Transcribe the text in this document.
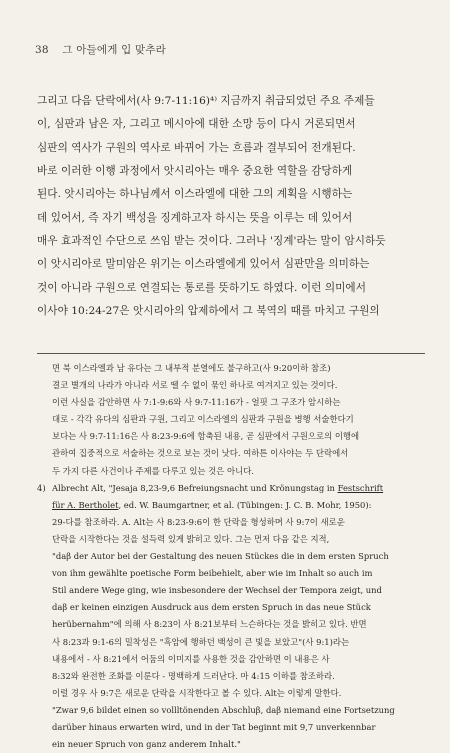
38 그 아들에게 입 맞추라

그리고 다음 단락에서(사 9:7-11:16)⁴⁾ 지금까지 취급되었던 주요 주제들

이, 심판과 남은 자, 그리고 메시아에 대한 소망 등이 다시 거론되면서

심판의 역사가 구원의 역사로 바뀌어 가는 흐름과 결부되어 전개된다.

바로 이러한 이행 과정에서 앗시리아는 매우 중요한 역할을 감당하게

된다. 앗시리아는 하나님께서 이스라엘에 대한 그의 계획을 시행하는

데 있어서, 즉 자기 백성을 징계하고자 하시는 뜻을 이루는 데 있어서

매우 효과적인 수단으로 쓰임 받는 것이다. 그러나 '징계'라는 말이 암시하듯

이 앗시리아로 말미암은 위기는 이스라엘에게 있어서 심판만을 의미하는

것이 아니라 구원으로 연결되는 통로를 뜻하기도 하였다. 이런 의미에서

이사야 10:24-27은 앗시리아의 압제하에서 그 북역의 때를 마치고 구원의

면 북 이스라엘과 남 유다는 그 내부적 분열에도 불구하고(사 9:20이하 참조)

결코 별개의 나라가 아니라 서로 뗄 수 없이 묶인 하나로 여겨지고 있는 것이다.

이런 사실을 감안하면 사 7:1-9:6와 사 9:7-11:16가 - 얼핏 그 구조가 암시하는

대로 - 각각 유다의 심판과 구원, 그리고 이스라엘의 심판과 구원을 병행 서술한다기

보다는 사 9:7-11:16은 사 8:23-9:6에 함축된 내용, 곧 심판에서 구원으로의 이행에

관하여 집중적으로 서술하는 것으로 보는 것이 낫다. 여하튼 이사야는 두 단락에서

두 가지 다른 사건이나 주제를 다루고 있는 것은 아니다.

4) Albrecht Alt, "Jesaja 8,23-9,6 Befreiungsnacht und Krönungstag in Festschrift

für A. Bertholet, ed. W. Baumgartner, et al. (Tübingen: J. C. B. Mohr, 1950):

29-다를 참조하라. A. Alt는 사 8:23-9:6이 한 단락을 형성하며 사 9:7이 새로운

단락을 시작한다는 것을 설득력 있게 밝히고 있다. 그는 먼저 다음 같은 지적,

"daβ der Autor bei der Gestaltung des neuen Stückes die in dem ersten Spruch

von ihm gewählte poetische Form beibehielt, aber wie im Inhalt so auch im

Stil andere Wege ging, wie insbesondere der Wechsel der Tempora zeigt, und

daβ er keinen einzigen Ausdruck aus dem ersten Spruch in das neue Stück

herübernahm"에 의해 사 8:23이 사 8:21보부터 느슨하다는 것을 밝히고 있다. 반면

사 8:23과 9:1-6의 밀착성은 "흑암에 행하던 백성이 큰 빛을 보았고"(사 9:1)라는

내용에서 - 사 8:21에서 어둠의 이미지를 사용한 것을 감안하면 이 내용은 사

8:32와 완전한 조화를 이룬다 - 명백하게 드러난다. 마 4:15 이하를 참조하라.

이럴 경우 사 9:7은 새로운 단락을 시작한다고 볼 수 있다. Alt는 이렇게 말한다.

"Zwar 9,6 bildet einen so vollltönenden Abschluβ, daβ niemand eine Fortsetzung

darüber hinaus erwarten wird, und in der Tat beginnt mit 9,7 unverkennbar

ein neuer Spruch von ganz anderem Inhalt."
